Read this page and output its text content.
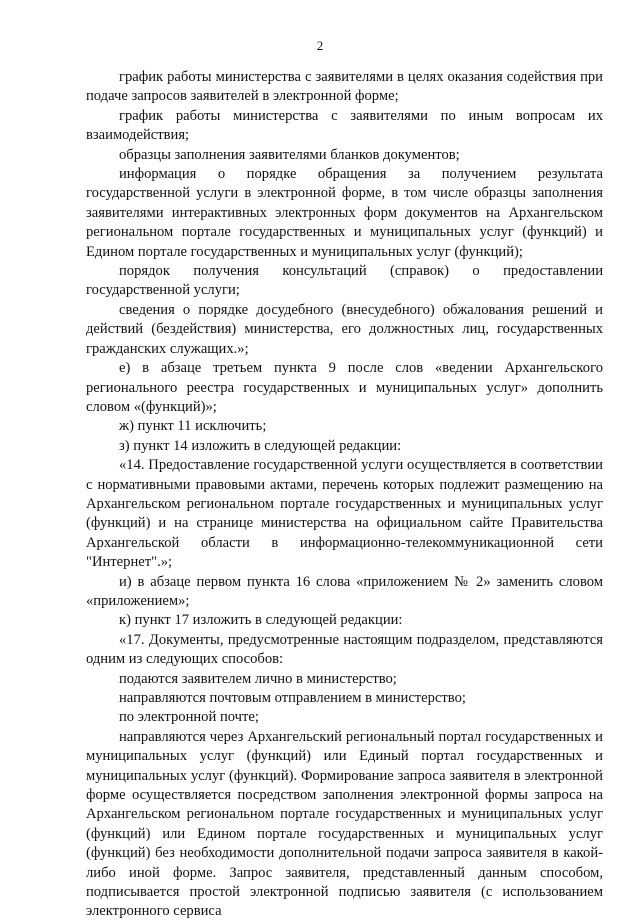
2

график работы министерства с заявителями в целях оказания содействия при подаче запросов заявителей в электронной форме;

график работы министерства с заявителями по иным вопросам их взаимодействия;

образцы заполнения заявителями бланков документов;

информация о порядке обращения за получением результата государственной услуги в электронной форме, в том числе образцы заполнения заявителями интерактивных электронных форм документов на Архангельском региональном портале государственных и муниципальных услуг (функций) и Едином портале государственных и муниципальных услуг (функций);

порядок получения консультаций (справок) о предоставлении государственной услуги;

сведения о порядке досудебного (внесудебного) обжалования решений и действий (бездействия) министерства, его должностных лиц, государственных гражданских служащих.»;

е) в абзаце третьем пункта 9 после слов «ведении Архангельского регионального реестра государственных и муниципальных услуг» дополнить словом «(функций)»;

ж) пункт 11 исключить;

з) пункт 14 изложить в следующей редакции:

«14. Предоставление государственной услуги осуществляется в соответствии с нормативными правовыми актами, перечень которых подлежит размещению на Архангельском региональном портале государственных и муниципальных услуг (функций) и на странице министерства на официальном сайте Правительства Архангельской области в информационно-телекоммуникационной сети "Интернет".»;

и) в абзаце первом пункта 16 слова «приложением № 2» заменить словом «приложением»;

к) пункт 17 изложить в следующей редакции:

«17. Документы, предусмотренные настоящим подразделом, представляются одним из следующих способов:

подаются заявителем лично в министерство;

направляются почтовым отправлением в министерство;

по электронной почте;

направляются через Архангельский региональный портал государственных и муниципальных услуг (функций) или Единый портал государственных и муниципальных услуг (функций). Формирование запроса заявителя в электронной форме осуществляется посредством заполнения электронной формы запроса на Архангельском региональном портале государственных и муниципальных услуг (функций) или Едином портале государственных и муниципальных услуг (функций) без необходимости дополнительной подачи запроса заявителя в какой-либо иной форме. Запрос заявителя, представленный данным способом, подписывается простой электронной подписью заявителя (с использованием электронного сервиса
